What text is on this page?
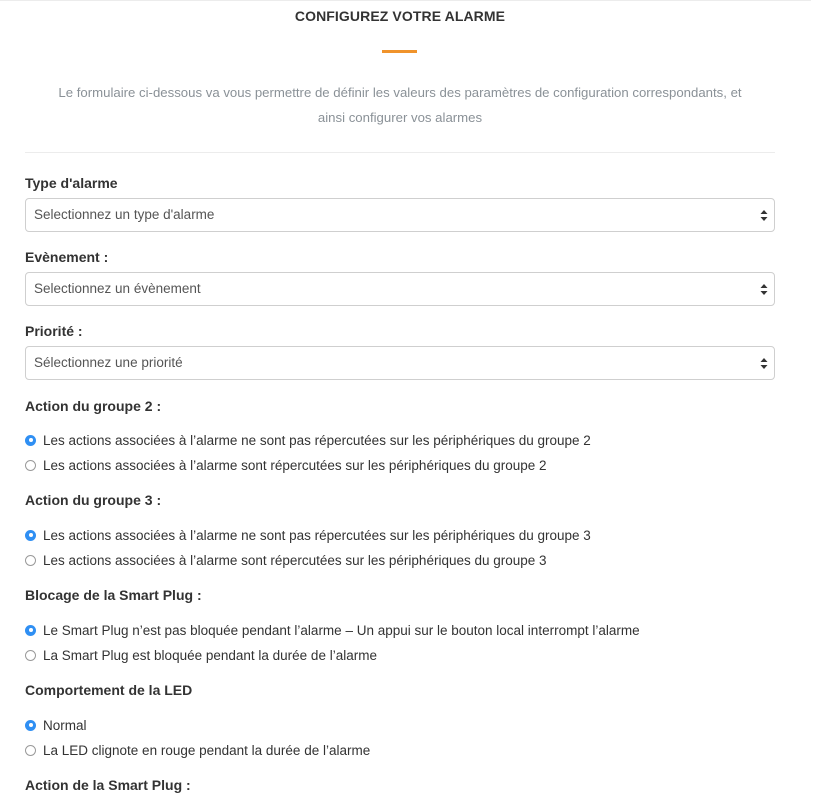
CONFIGUREZ VOTRE ALARME
Le formulaire ci-dessous va vous permettre de définir les valeurs des paramètres de configuration correspondants, et
ainsi configurer vos alarmes
Type d'alarme
Selectionnez un type d'alarme
Evènement :
Selectionnez un évènement
Priorité :
Sélectionnez une priorité
Action du groupe 2 :
Les actions associées à l’alarme ne sont pas répercutées sur les périphériques du groupe 2
Les actions associées à l’alarme sont répercutées sur les périphériques du groupe 2
Action du groupe 3 :
Les actions associées à l’alarme ne sont pas répercutées sur les périphériques du groupe 3
Les actions associées à l’alarme sont répercutées sur les périphériques du groupe 3
Blocage de la Smart Plug :
Le Smart Plug n’est pas bloquée pendant l’alarme – Un appui sur le bouton local interrompt l’alarme
La Smart Plug est bloquée pendant la durée de l’alarme
Comportement de la LED
Normal
La LED clignote en rouge pendant la durée de l’alarme
Action de la Smart Plug :
